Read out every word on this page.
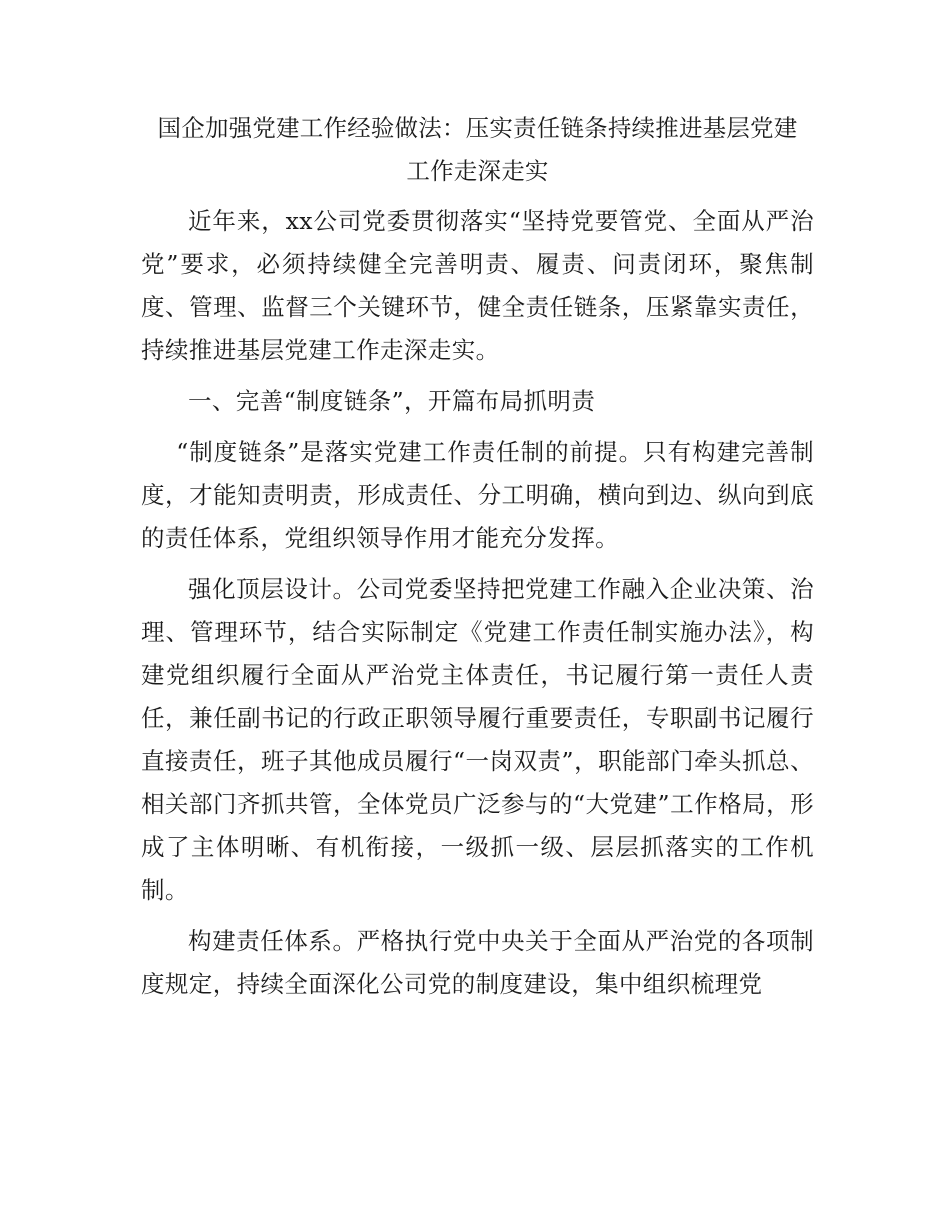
国企加强党建工作经验做法：压实责任链条持续推进基层党建
工作走深走实

近年来，xx公司党委贯彻落实“坚持党要管党、全面从严治党”要求，必须持续健全完善明责、履责、问责闭环，聚焦制度、管理、监督三个关键环节，健全责任链条，压紧靠实责任，持续推进基层党建工作走深走实。

一、完善“制度链条”，开篇布局抓明责

“制度链条”是落实党建工作责任制的前提。只有构建完善制度，才能知责明责，形成责任、分工明确，横向到边、纵向到底的责任体系，党组织领导作用才能充分发挥。

强化顶层设计。公司党委坚持把党建工作融入企业决策、治理、管理环节，结合实际制定《党建工作责任制实施办法》，构建党组织履行全面从严治党主体责任，书记履行第一责任人责任，兼任副书记的行政正职领导履行重要责任，专职副书记履行直接责任，班子其他成员履行“一岗双责”，职能部门牵头抓总、相关部门齐抓共管，全体党员广泛参与的“大党建”工作格局，形成了主体明晰、有机衔接，一级抓一级、层层抓落实的工作机制。

构建责任体系。严格执行党中央关于全面从严治党的各项制度规定，持续全面深化公司党的制度建设，集中组织梳理党
